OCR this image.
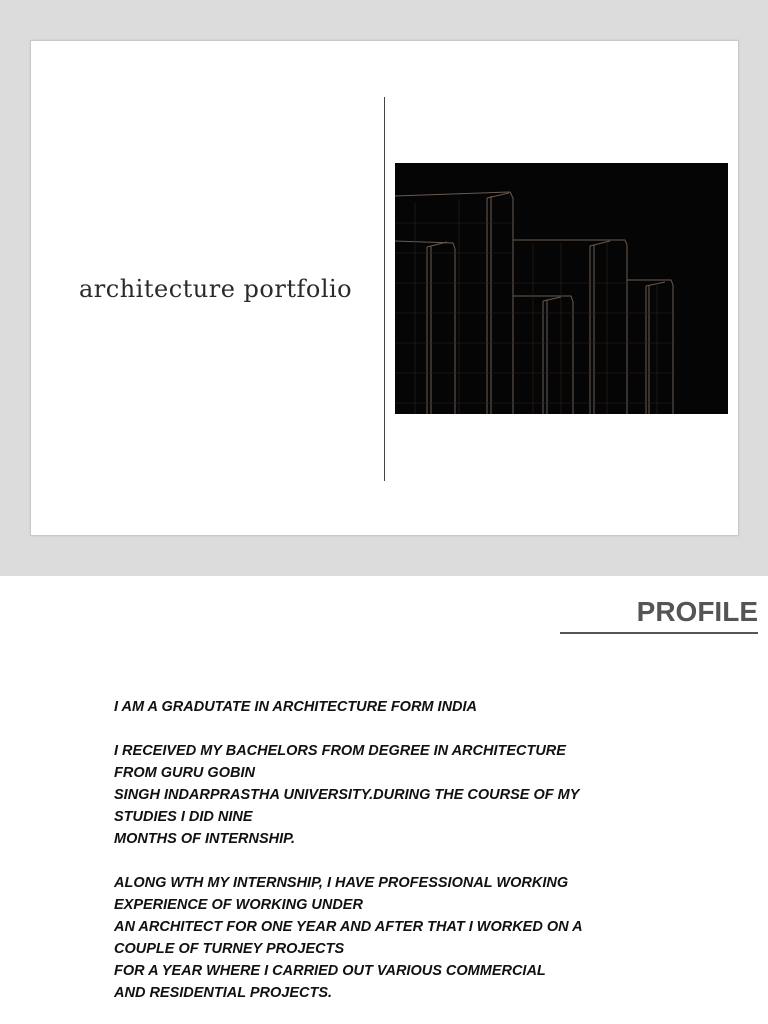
architecture portfolio
PROFILE

I AM A GRADUTATE IN ARCHITECTURE FORM INDIA

I RECEIVED MY BACHELORS FROM DEGREE IN ARCHITECTURE
FROM GURU GOBIN
SINGH INDARPRASTHA UNIVERSITY.DURING THE COURSE OF MY
STUDIES I DID NINE
MONTHS OF INTERNSHIP.

ALONG WTH MY INTERNSHIP, I HAVE PROFESSIONAL WORKING
EXPERIENCE OF WORKING UNDER
AN ARCHITECT FOR ONE YEAR AND AFTER THAT I WORKED ON A
COUPLE OF TURNEY PROJECTS
FOR A YEAR WHERE I CARRIED OUT VARIOUS COMMERCIAL
AND RESIDENTIAL PROJECTS.
